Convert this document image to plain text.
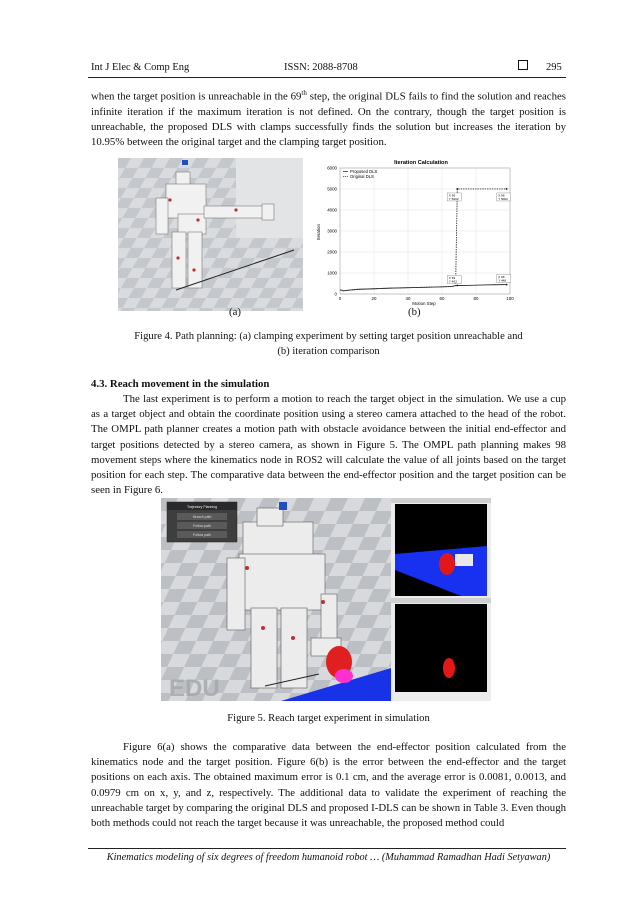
Int J Elec & Comp Eng	ISSN: 2088-8708	295
when the target position is unreachable in the 69th step, the original DLS fails to find the solution and reaches infinite iteration if the maximum iteration is not defined. On the contrary, though the target position is unreachable, the proposed DLS with clamps successfully finds the solution but increases the iteration by 10.95% between the original target and the clamping target position.
(a)
Iteration Calculation
Motion Step
Iteration
0
1000
2000
3000
4000
5000
6000
0	20	40	60	80	100
Proposed DLS
Original DLS
X 69
Y 5002
X 98
Y 5002
X 69
Y 403
X 98
Y 448
(b)
Figure 4. Path planning: (a) clamping experiment by setting target position unreachable and
(b) iteration comparison
4.3. Reach movement in the simulation
The last experiment is to perform a motion to reach the target object in the simulation. We use a cup as a target object and obtain the coordinate position using a stereo camera attached to the head of the robot. The OMPL path planner creates a motion path with obstacle avoidance between the initial end-effector and target positions detected by a stereo camera, as shown in Figure 5. The OMPL path planning makes 98 movement steps where the kinematics node in ROS2 will calculate the value of all joints based on the target position for each step. The comparative data between the end-effector position and the target position can be seen in Figure 6.
Trajectory Planning
Search path
Follow path
Follow path
EDU
Figure 5. Reach target experiment in simulation
Figure 6(a) shows the comparative data between the end-effector position calculated from the kinematics node and the target position. Figure 6(b) is the error between the end-effector and the target positions on each axis. The obtained maximum error is 0.1 cm, and the average error is 0.0081, 0.0013, and 0.0979 cm on x, y, and z, respectively. The additional data to validate the experiment of reaching the unreachable target by comparing the original DLS and proposed I-DLS can be shown in Table 3. Even though both methods could not reach the target because it was unreachable, the proposed method could
Kinematics modeling of six degrees of freedom humanoid robot … (Muhammad Ramadhan Hadi Setyawan)
